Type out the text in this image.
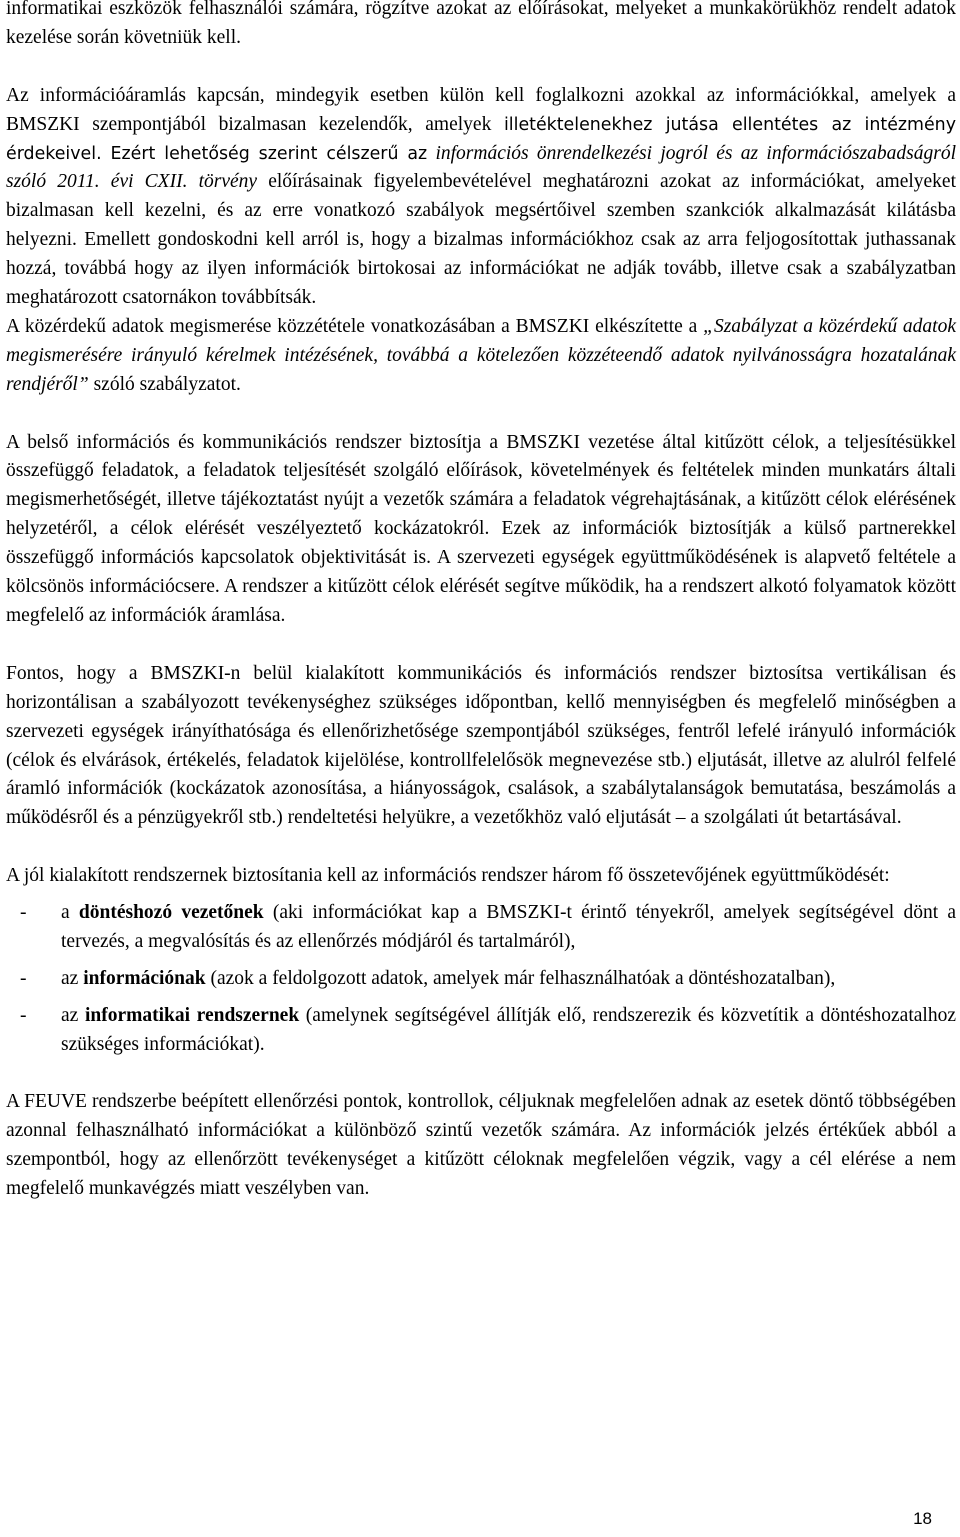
informatikai eszközök felhasználói számára, rögzítve azokat az előírásokat, melyeket a munkakörükhöz rendelt adatok kezelése során követniük kell.

Az információáramlás kapcsán, mindegyik esetben külön kell foglalkozni azokkal az információkkal, amelyek a BMSZKI szempontjából bizalmasan kezelendők, amelyek illetéktelenekhez jutása ellentétes az intézmény érdekeivel. Ezért lehetőség szerint célszerű az információs önrendelkezési jogról és az információszabadságról szóló 2011. évi CXII. törvény előírásainak figyelembevételével meghatározni azokat az információkat, amelyeket bizalmasan kell kezelni, és az erre vonatkozó szabályok megsértőivel szemben szankciók alkalmazását kilátásba helyezni. Emellett gondoskodni kell arról is, hogy a bizalmas információkhoz csak az arra feljogosítottak juthassanak hozzá, továbbá hogy az ilyen információk birtokosai az információkat ne adják tovább, illetve csak a szabályzatban meghatározott csatornákon továbbítsák.

A közérdekű adatok megismerése közzététele vonatkozásában a BMSZKI elkészítette a „Szabályzat a közérdekű adatok megismerésére irányuló kérelmek intézésének, továbbá a kötelezően közzéteendő adatok nyilvánosságra hozatalának rendjéről” szóló szabályzatot.

A belső információs és kommunikációs rendszer biztosítja a BMSZKI vezetése által kitűzött célok, a teljesítésükkel összefüggő feladatok, a feladatok teljesítését szolgáló előírások, követelmények és feltételek minden munkatárs általi megismerhetőségét, illetve tájékoztatást nyújt a vezetők számára a feladatok végrehajtásának, a kitűzött célok elérésének helyzetéről, a célok elérését veszélyeztető kockázatokról. Ezek az információk biztosítják a külső partnerekkel összefüggő információs kapcsolatok objektivitását is. A szervezeti egységek együttműködésének is alapvető feltétele a kölcsönös információcsere. A rendszer a kitűzött célok elérését segítve működik, ha a rendszert alkotó folyamatok között megfelelő az információk áramlása.

Fontos, hogy a BMSZKI-n belül kialakított kommunikációs és információs rendszer biztosítsa vertikálisan és horizontálisan a szabályozott tevékenységhez szükséges időpontban, kellő mennyiségben és megfelelő minőségben a szervezeti egységek irányíthatósága és ellenőrizhetősége szempontjából szükséges, fentről lefelé irányuló információk (célok és elvárások, értékelés, feladatok kijelölése, kontrollfelelősök megnevezése stb.) eljutását, illetve az alulról felfelé áramló információk (kockázatok azonosítása, a hiányosságok, csalások, a szabálytalanságok bemutatása, beszámolás a működésről és a pénzügyekről stb.) rendeltetési helyükre, a vezetőkhöz való eljutását – a szolgálati út betartásával.

A jól kialakított rendszernek biztosítania kell az információs rendszer három fő összetevőjének együttműködését:

- a döntéshozó vezetőnek (aki információkat kap a BMSZKI-t érintő tényekről, amelyek segítségével dönt a tervezés, a megvalósítás és az ellenőrzés módjáról és tartalmáról),
- az információnak (azok a feldolgozott adatok, amelyek már felhasználhatóak a döntéshozatalban),
- az informatikai rendszernek (amelynek segítségével állítják elő, rendszerezik és közvetítik a döntéshozatalhoz szükséges információkat).

A FEUVE rendszerbe beépített ellenőrzési pontok, kontrollok, céljuknak megfelelően adnak az esetek döntő többségében azonnal felhasználható információkat a különböző szintű vezetők számára. Az információk jelzés értékűek abból a szempontból, hogy az ellenőrzött tevékenységet a kitűzött céloknak megfelelően végzik, vagy a cél elérése a nem megfelelő munkavégzés miatt veszélyben van.

18
